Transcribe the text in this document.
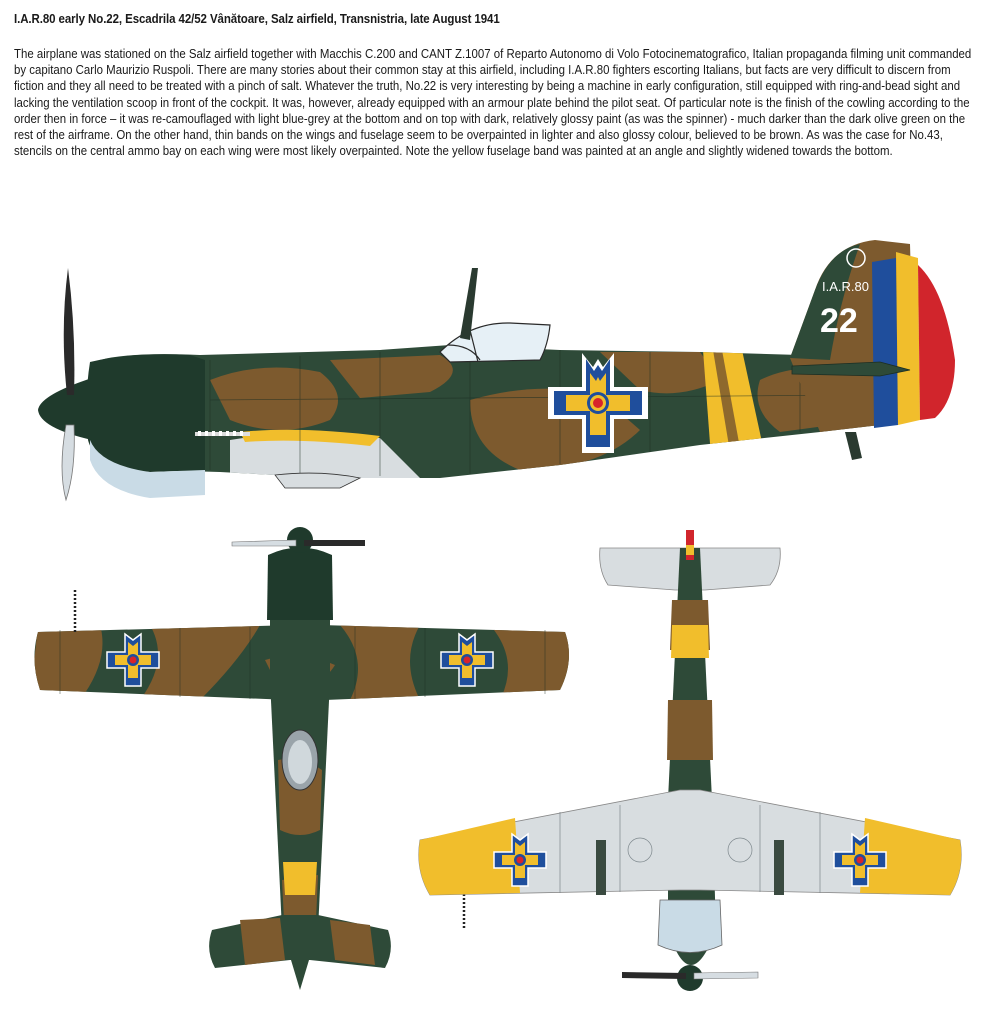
I.A.R.80 early No.22, Escadrila 42/52 Vânătoare, Salz airfield, Transnistria, late August 1941

The airplane was stationed on the Salz airfield together with Macchis C.200 and CANT Z.1007 of Reparto Autonomo di Volo Fotocinematografico, Italian propaganda filming unit commanded by capitano Carlo Maurizio Ruspoli. There are many stories about their common stay at this airfield, including I.A.R.80 fighters escorting Italians, but facts are very difficult to discern from fiction and they all need to be treated with a pinch of salt. Whatever the truth, No.22 is very interesting by being a machine in early configuration, still equipped with ring-and-bead sight and lacking the ventilation scoop in front of the cockpit. It was, however, already equipped with an armour plate behind the pilot seat. Of particular note is the finish of the cowling according to the order then in force – it was re-camouflaged with light blue-grey at the bottom and on top with dark, relatively glossy paint (as was the spinner) - much darker than the dark olive green on the rest of the airframe. On the other hand, thin bands on the wings and fuselage seem to be overpainted in lighter and also glossy colour, believed to be brown. As was the case for No.43, stencils on the central ammo bay on each wing were most likely overpainted. Note the yellow fuselage band was painted at an angle and slightly widened towards the bottom.

I.A.R.80
22
